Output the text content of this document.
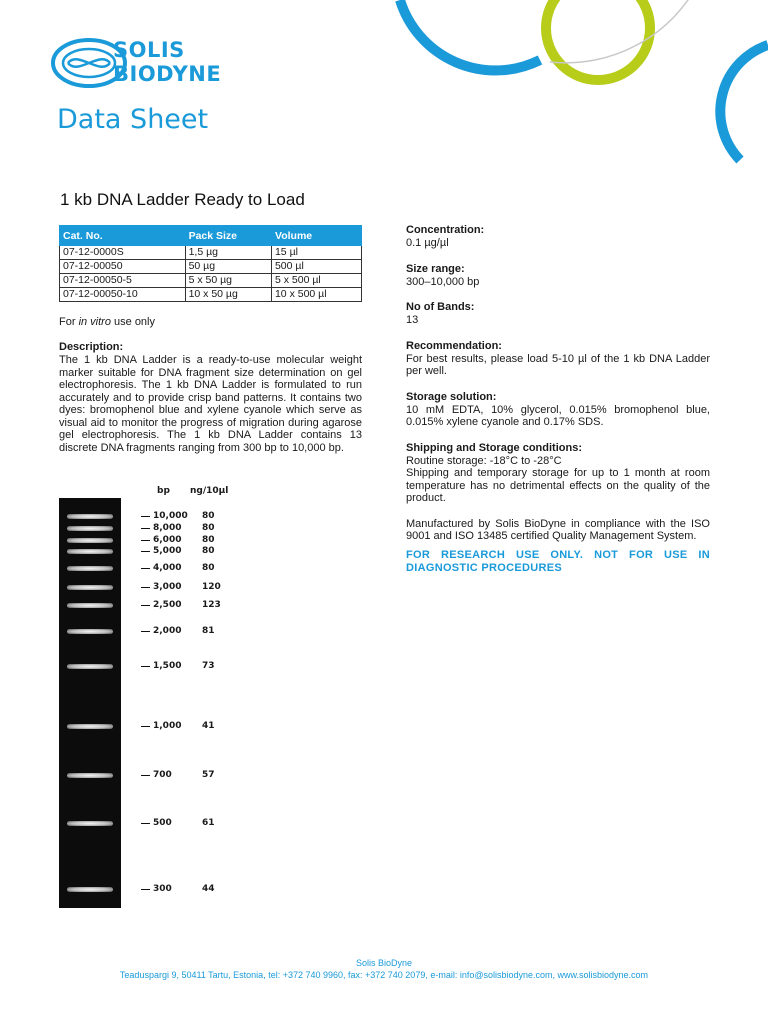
SOLIS
BIODYNE
Data Sheet
1 kb DNA Ladder Ready to Load
Cat. No.	Pack Size	Volume
07-12-0000S	1,5 µg	15 µl
07-12-00050	50 µg	500 µl
07-12-00050-5	5 x 50 µg	5 x 500 µl
07-12-00050-10	10 x 50 µg	10 x 500 µl
For in vitro use only
Description:
The 1 kb DNA Ladder is a ready-to-use molecular weight marker suitable for DNA fragment size determination on gel electrophoresis. The 1 kb DNA Ladder is formulated to run accurately and to provide crisp band patterns. It contains two dyes: bromophenol blue and xylene cyanole which serve as visual aid to monitor the progress of migration during agarose gel electrophoresis. The 1 kb DNA Ladder contains 13 discrete DNA fragments ranging from 300 bp to 10,000 bp.
Concentration:
0.1 µg/µl
Size range:
300–10,000 bp
No of Bands:
13
Recommendation:
For best results, please load 5-10 µl of the 1 kb DNA Ladder per well.
Storage solution:
10 mM EDTA, 10% glycerol, 0.015% bromophenol blue, 0.015% xylene cyanole and 0.17% SDS.
Shipping and Storage conditions:
Routine storage: -18°C to -28°C
Shipping and temporary storage for up to 1 month at room temperature has no detrimental effects on the quality of the product.
Manufactured by Solis BioDyne in compliance with the ISO 9001 and ISO 13485 certified Quality Management System.
FOR RESEARCH USE ONLY. NOT FOR USE IN DIAGNOSTIC PROCEDURES
bp ng/10µl
10,000 80
8,000 80
6,000 80
5,000 80
4,000 80
3,000 120
2,500 123
2,000 81
1,500 73
1,000 41
700	57
500	61
300	44
Solis BioDyne
Teaduspargi 9, 50411 Tartu, Estonia, tel: +372 740 9960, fax: +372 740 2079, e-mail: info@solisbiodyne.com, www.solisbiodyne.com
